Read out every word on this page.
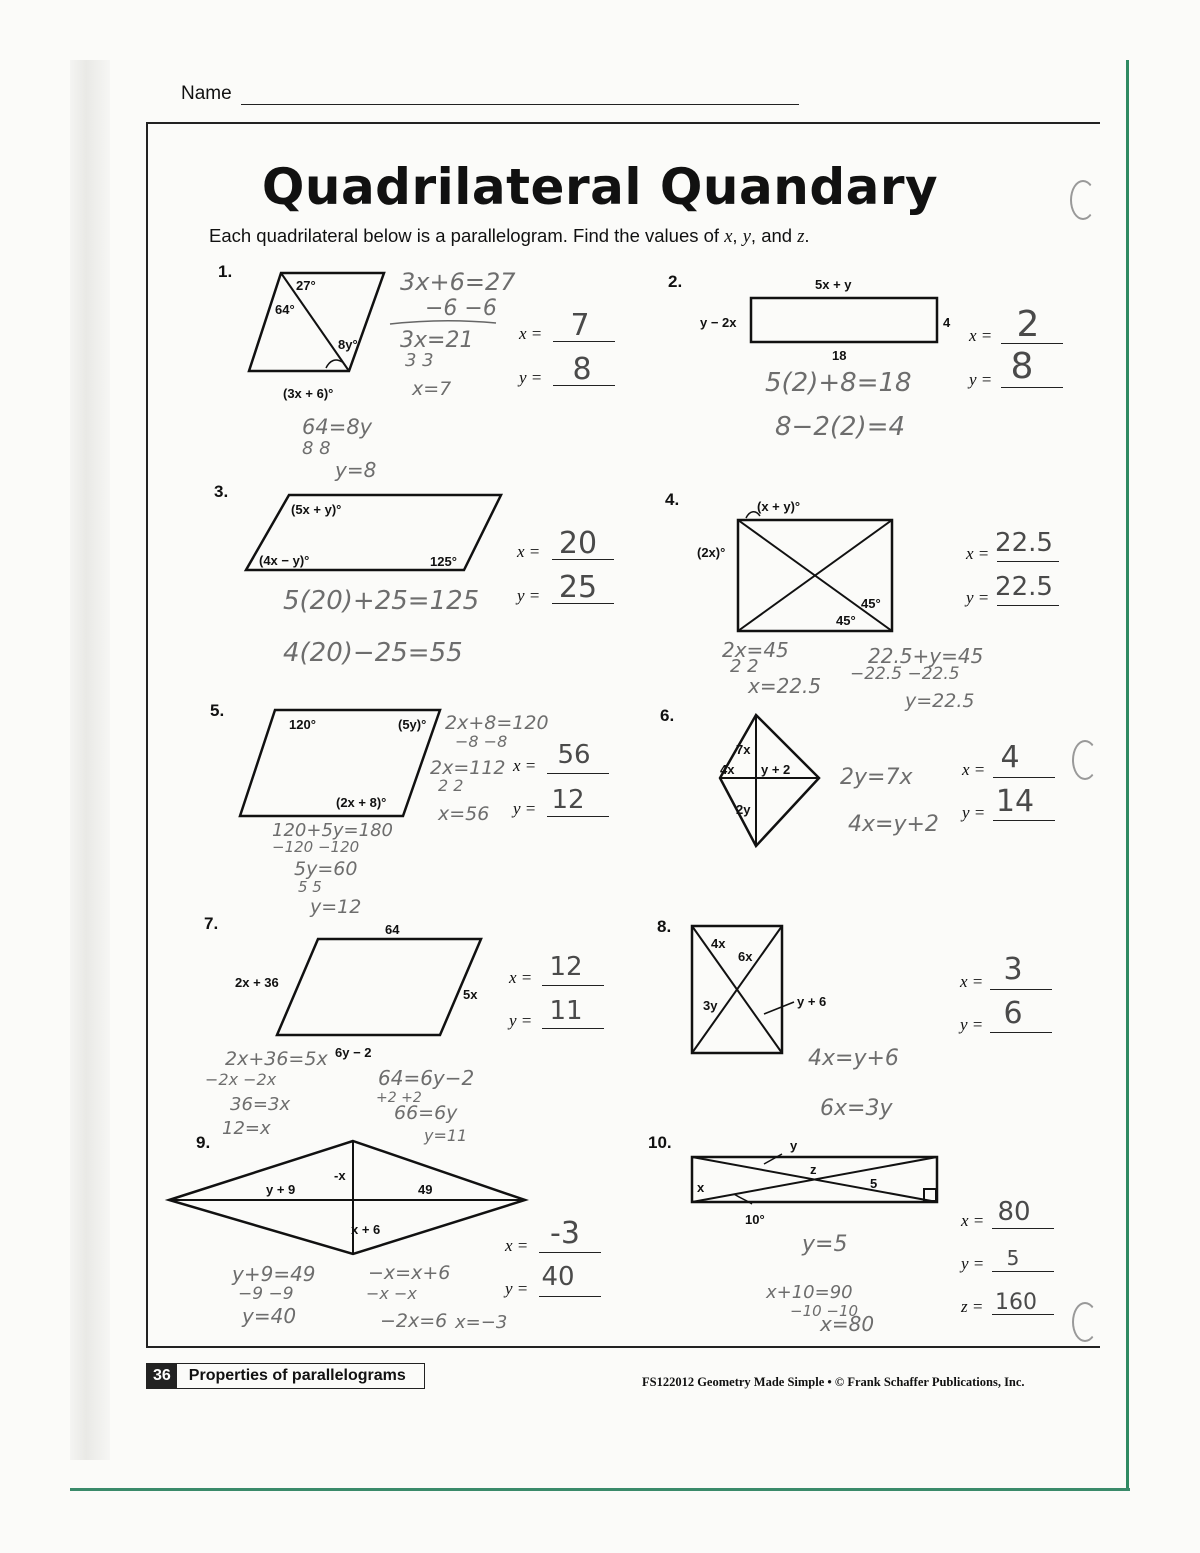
Name
Quadrilateral Quandary
Each quadrilateral below is a parallelogram. Find the values of x, y, and z.
1.
27°
64°
8y°
(3x + 6)°
x = 7
y = 8
3x+6=27
−6 −6
3x=21
3 3
x=7
64=8y
8 8
y=8
2.	5x + y
y − 2x	4
18
x = 2
y = 8
5(2)+8=18
8−2(2)=4
3.
(5x + y)°
(4x − y)°	125°
x = 20
y = 25
5(20)+25=125
4(20)−25=55
4.	(x + y)°
(2x)°
45°
45°
x = 22.5
y = 22.5
2x=45
2 2
x=22.5
22.5+y=45
−22.5 −22.5
y=22.5
5.
120°	(5y)°
(2x + 8)°
x = 56
y = 12
2x+8=120
−8 −8
2x=112
2 2
x=56
120+5y=180
−120 −120
5y=60
5 5
y=12
6.
7x
4x y + 2
2y
x = 4
y = 14
2y=7x
4x=y+2
7.	64
2x + 36
5x
6y − 2
x = 12
y = 11
2x+36=5x
−2x −2x
36=3x
12=x
64=6y−2
+2 +2
66=6y
y=11
8.
4x
6x
3y	y + 6
x = 3
y = 6
4x=y+6
6x=3y
9.
y + 9
-x
49
x + 6
x = -3
y = 40
y+9=49
−9 −9
y=40
−x=x+6
−x −x
−2x=6 x=−3
10.	y
z
5
x
10°	x = 80
y = 5
z = 160
y=5
x+10=90
−10 −10
x=80
36	Properties of parallelograms	FS122012 Geometry Made Simple • © Frank Schaffer Publications, Inc.
